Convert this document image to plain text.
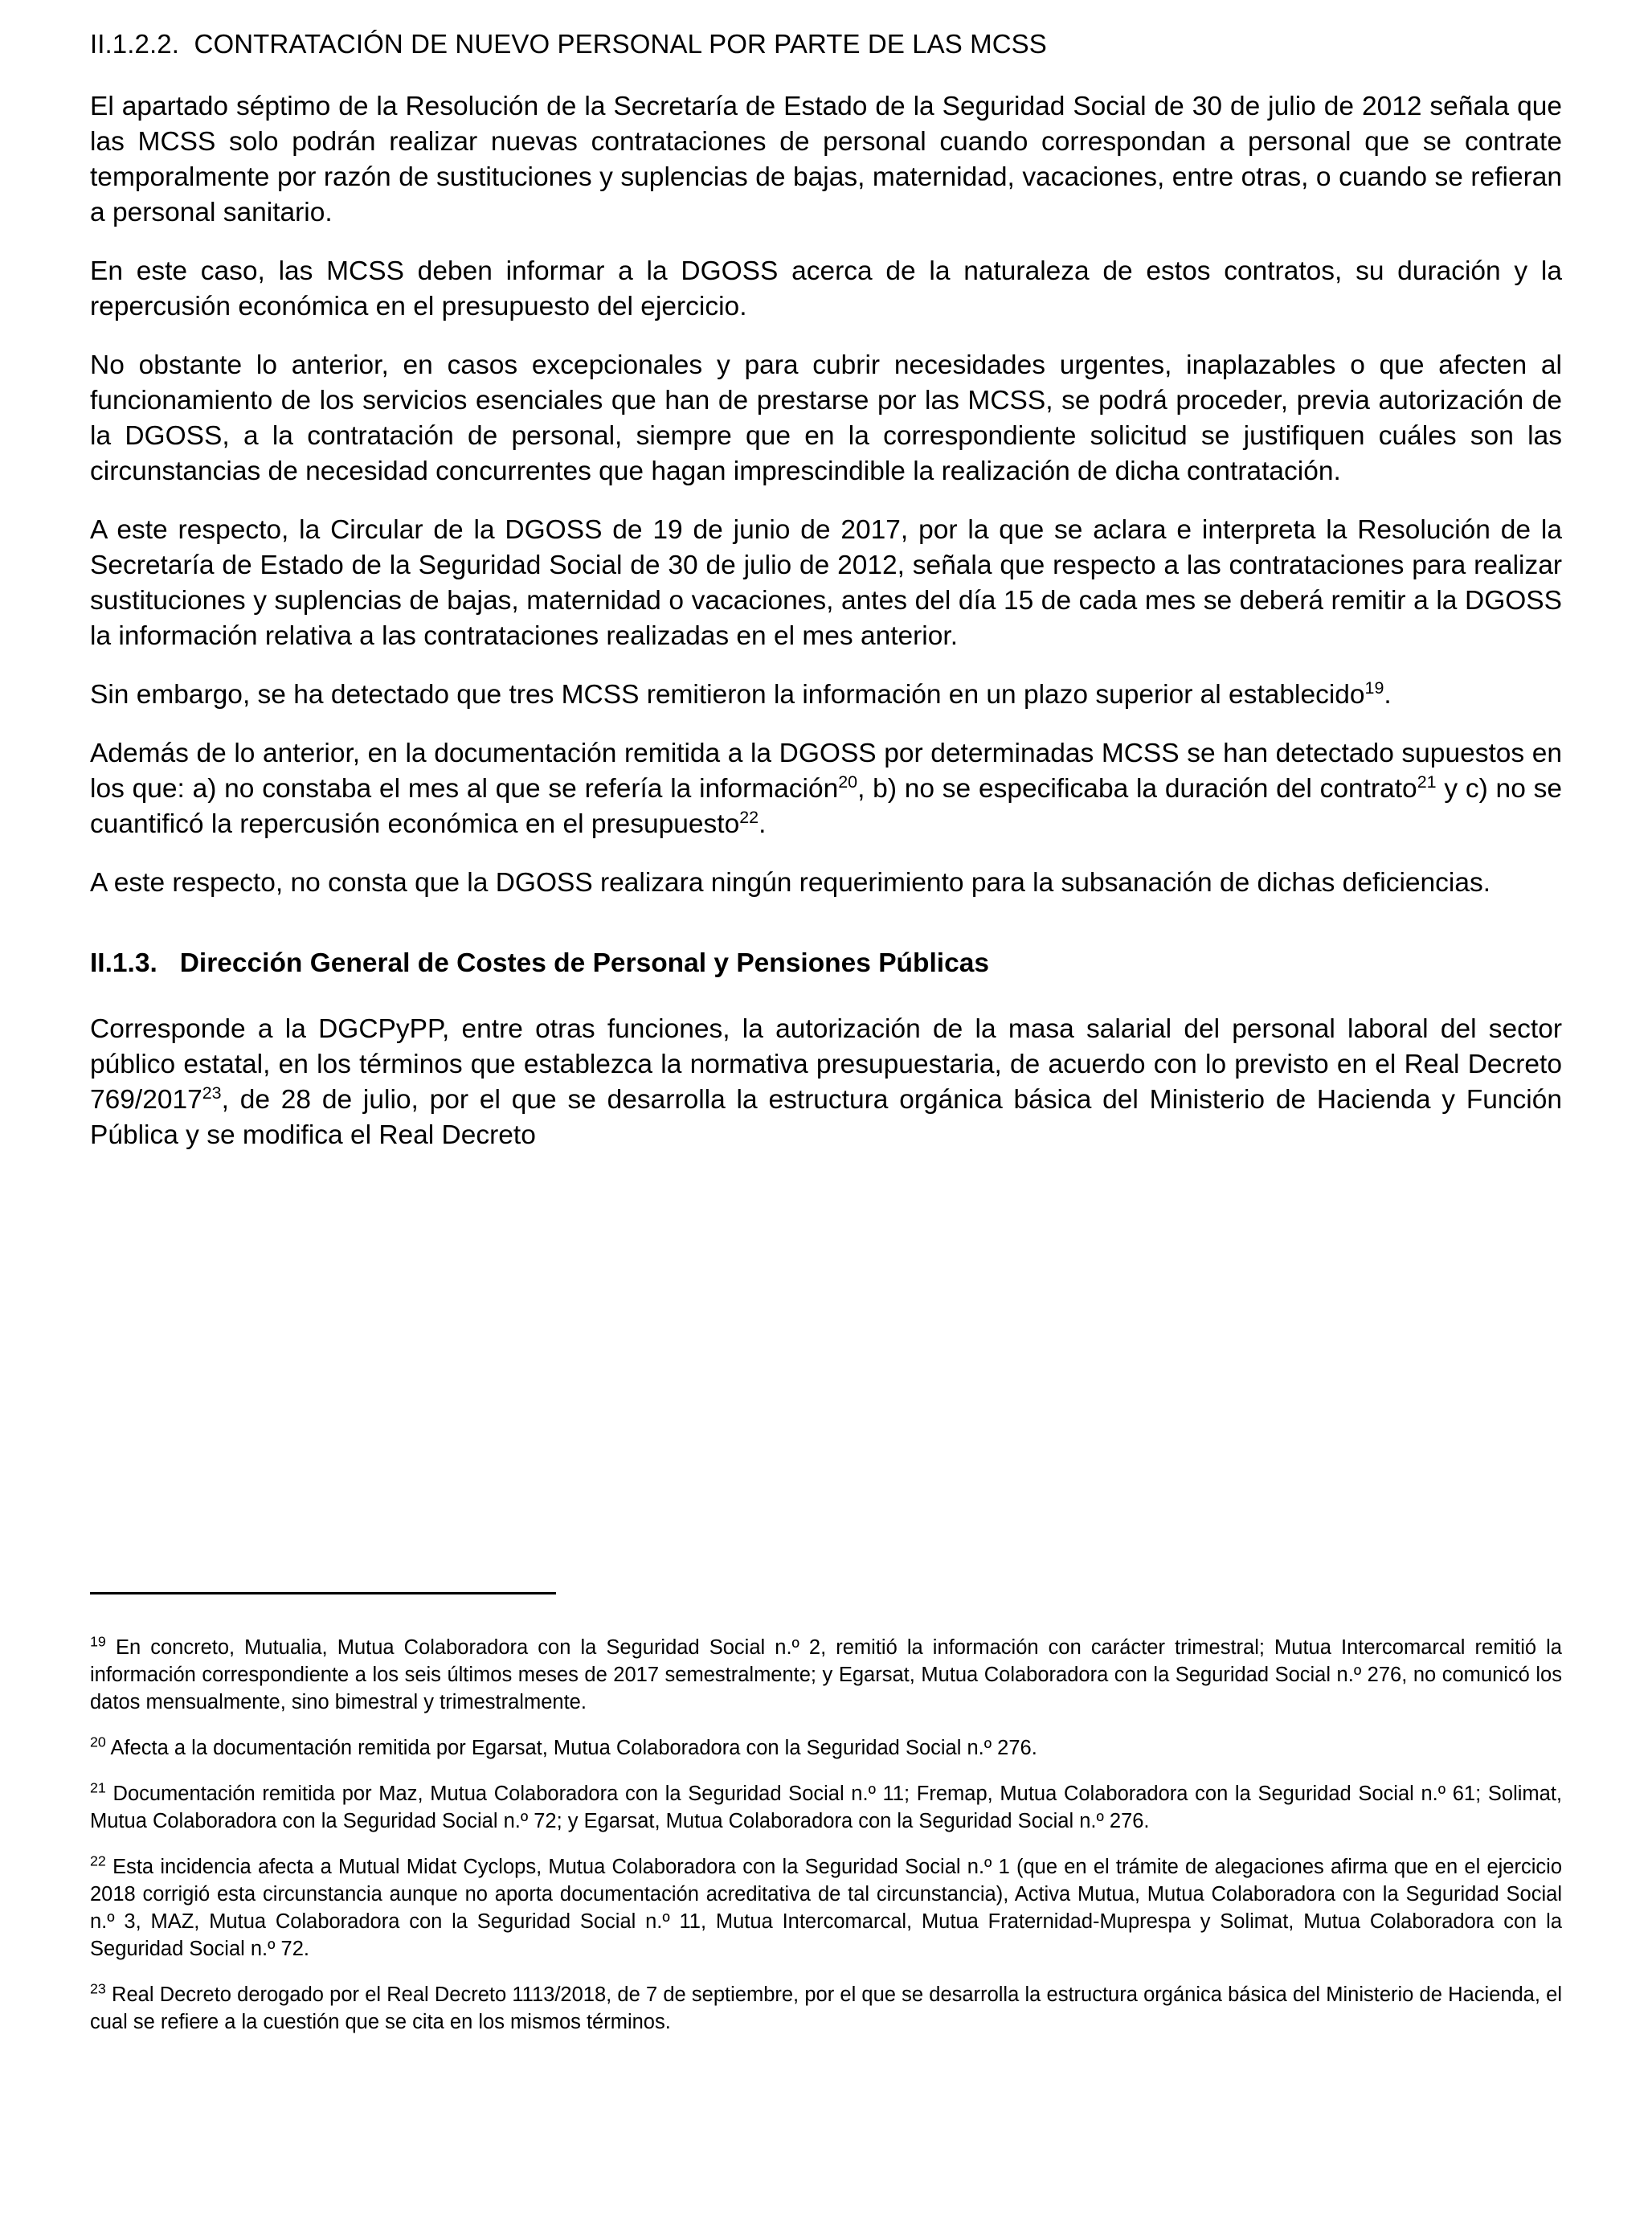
II.1.2.2.  CONTRATACIÓN DE NUEVO PERSONAL POR PARTE DE LAS MCSS

El apartado séptimo de la Resolución de la Secretaría de Estado de la Seguridad Social de 30 de julio de 2012 señala que las MCSS solo podrán realizar nuevas contrataciones de personal cuando correspondan a personal que se contrate temporalmente por razón de sustituciones y suplencias de bajas, maternidad, vacaciones, entre otras, o cuando se refieran a personal sanitario.

En este caso, las MCSS deben informar a la DGOSS acerca de la naturaleza de estos contratos, su duración y la repercusión económica en el presupuesto del ejercicio.

No obstante lo anterior, en casos excepcionales y para cubrir necesidades urgentes, inaplazables o que afecten al funcionamiento de los servicios esenciales que han de prestarse por las MCSS, se podrá proceder, previa autorización de la DGOSS, a la contratación de personal, siempre que en la correspondiente solicitud se justifiquen cuáles son las circunstancias de necesidad concurrentes que hagan imprescindible la realización de dicha contratación.

A este respecto, la Circular de la DGOSS de 19 de junio de 2017, por la que se aclara e interpreta la Resolución de la Secretaría de Estado de la Seguridad Social de 30 de julio de 2012, señala que respecto a las contrataciones para realizar sustituciones y suplencias de bajas, maternidad o vacaciones, antes del día 15 de cada mes se deberá remitir a la DGOSS la información relativa a las contrataciones realizadas en el mes anterior.

Sin embargo, se ha detectado que tres MCSS remitieron la información en un plazo superior al establecido$^{19}$.

Además de lo anterior, en la documentación remitida a la DGOSS por determinadas MCSS se han detectado supuestos en los que: a) no constaba el mes al que se refería la información$^{20}$, b) no se especificaba la duración del contrato$^{21}$ y c) no se cuantificó la repercusión económica en el presupuesto$^{22}$.

A este respecto, no consta que la DGOSS realizara ningún requerimiento para la subsanación de dichas deficiencias.

II.1.3.   Dirección General de Costes de Personal y Pensiones Públicas

Corresponde a la DGCPyPP, entre otras funciones, la autorización de la masa salarial del personal laboral del sector público estatal, en los términos que establezca la normativa presupuestaria, de acuerdo con lo previsto en el Real Decreto 769/2017$^{23}$, de 28 de julio, por el que se desarrolla la estructura orgánica básica del Ministerio de Hacienda y Función Pública y se modifica el Real Decreto

$^{19}$ En concreto, Mutualia, Mutua Colaboradora con la Seguridad Social n.º 2, remitió la información con carácter trimestral; Mutua Intercomarcal remitió la información correspondiente a los seis últimos meses de 2017 semestralmente; y Egarsat, Mutua Colaboradora con la Seguridad Social n.º 276, no comunicó los datos mensualmente, sino bimestral y trimestralmente.

$^{20}$ Afecta a la documentación remitida por Egarsat, Mutua Colaboradora con la Seguridad Social n.º 276.

$^{21}$ Documentación remitida por Maz, Mutua Colaboradora con la Seguridad Social n.º 11; Fremap, Mutua Colaboradora con la Seguridad Social n.º 61; Solimat, Mutua Colaboradora con la Seguridad Social n.º 72; y Egarsat, Mutua Colaboradora con la Seguridad Social n.º 276.

$^{22}$ Esta incidencia afecta a Mutual Midat Cyclops, Mutua Colaboradora con la Seguridad Social n.º 1 (que en el trámite de alegaciones afirma que en el ejercicio 2018 corrigió esta circunstancia aunque no aporta documentación acreditativa de tal circunstancia), Activa Mutua, Mutua Colaboradora con la Seguridad Social n.º 3, MAZ, Mutua Colaboradora con la Seguridad Social n.º 11, Mutua Intercomarcal, Mutua Fraternidad-Muprespa y Solimat, Mutua Colaboradora con la Seguridad Social n.º 72.

$^{23}$ Real Decreto derogado por el Real Decreto 1113/2018, de 7 de septiembre, por el que se desarrolla la estructura orgánica básica del Ministerio de Hacienda, el cual se refiere a la cuestión que se cita en los mismos términos.
